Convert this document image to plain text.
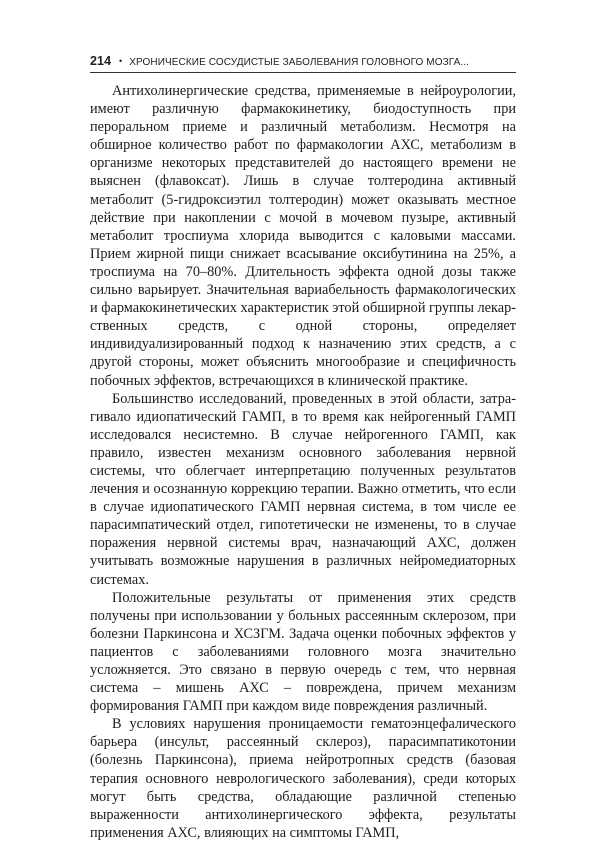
214 • ХРОНИЧЕСКИЕ СОСУДИСТЫЕ ЗАБОЛЕВАНИЯ ГОЛОВНОГО МОЗГА...

Антихолинергические средства, применяемые в нейроурологии, имеют различную фармакокинетику, биодоступность при пероральном приеме и различный метаболизм. Несмотря на обширное количество работ по фармакологии АХС, метаболизм в организме некоторых представителей до настоящего времени не выяснен (флавоксат). Лишь в случае толтеродина активный метаболит (5-гидроксиэтил толтеродин) может оказывать местное действие при накоплении с мочой в мочевом пузыре, активный метаболит троспиума хлорида выводится с каловыми массами. Прием жирной пищи снижает всасывание оксибутинина на 25%, а троспиума на 70–80%. Длительность эффекта одной дозы также сильно варьирует. Значительная вариабельность фармакологических и фармакокинетических характеристик этой обширной группы лекарственных средств, с одной стороны, определяет индивидуализированный подход к назначению этих средств, а с другой стороны, может объяснить многообразие и специфичность побочных эффектов, встречающихся в клинической практике.

Большинство исследований, проведенных в этой области, затрагивало идиопатический ГАМП, в то время как нейрогенный ГАМП исследовался несистемно. В случае нейрогенного ГАМП, как правило, известен механизм основного заболевания нервной системы, что облегчает интерпретацию полученных результатов лечения и осознанную коррекцию терапии. Важно отметить, что если в случае идиопатического ГАМП нервная система, в том числе ее парасимпатический отдел, гипотетически не изменены, то в случае поражения нервной системы врач, назначающий АХС, должен учитывать возможные нарушения в различных нейромедиаторных системах.

Положительные результаты от применения этих средств получены при использовании у больных рассеянным склерозом, при болезни Паркинсона и ХСЗГМ. Задача оценки побочных эффектов у пациентов с заболеваниями головного мозга значительно усложняется. Это связано в первую очередь с тем, что нервная система – мишень АХС – повреждена, причем механизм формирования ГАМП при каждом виде повреждения различный.

В условиях нарушения проницаемости гематоэнцефалического барьера (инсульт, рассеянный склероз), парасимпатикотонии (болезнь Паркинсона), приема нейротропных средств (базовая терапия основного неврологического заболевания), среди которых могут быть средства, обладающие различной степенью выраженности антихолинергического эффекта, результаты применения АХС, влияющих на симптомы ГАМП,
